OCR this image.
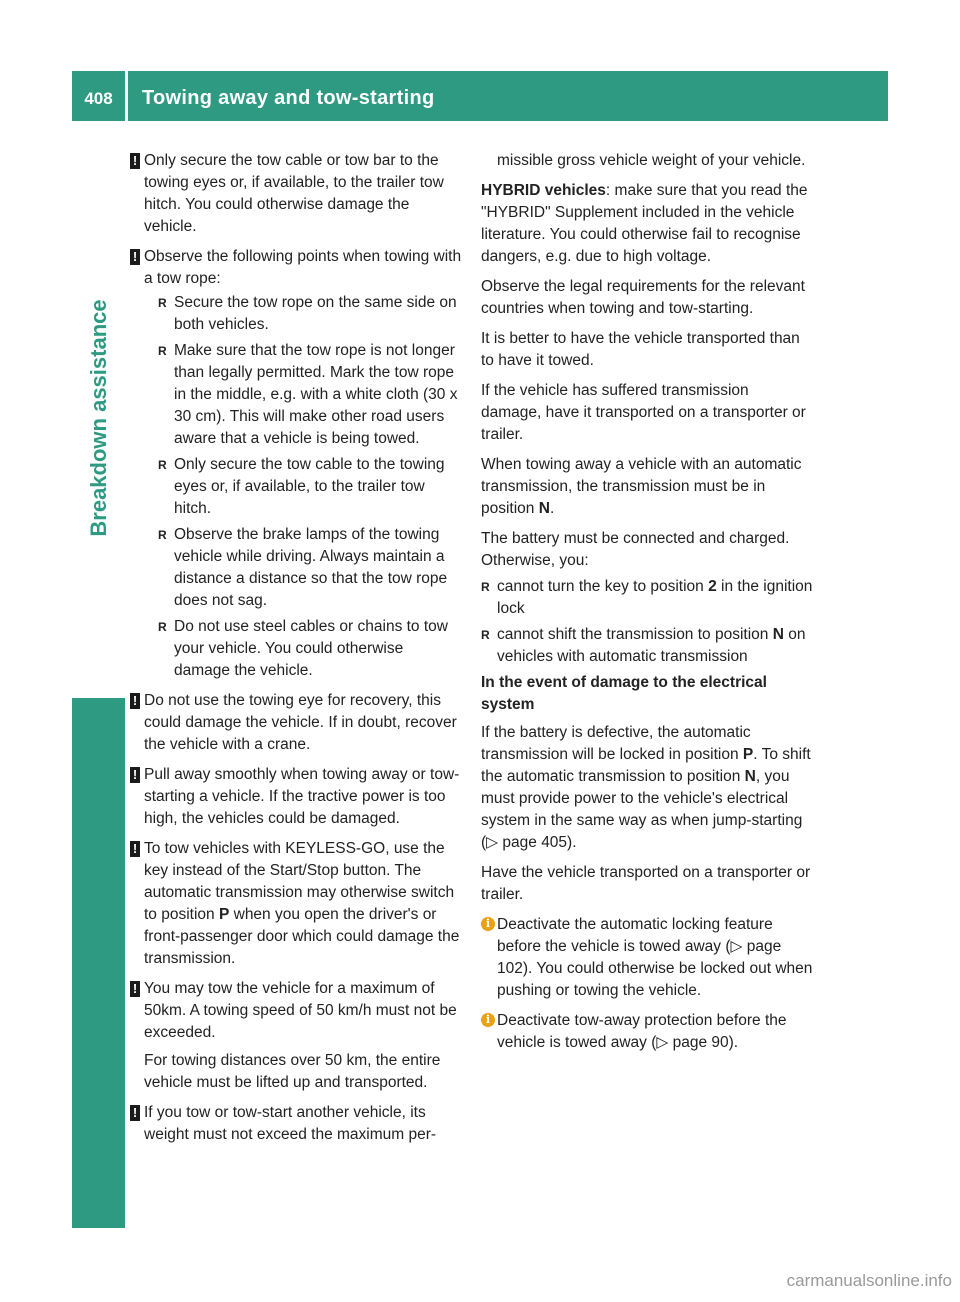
408	Towing away and tow-starting
Breakdown assistance
! Only secure the tow cable or tow bar to the towing eyes or, if available, to the trailer tow hitch. You could otherwise damage the vehicle.
! Observe the following points when towing with a tow rope:
R Secure the tow rope on the same side on both vehicles.
R Make sure that the tow rope is not longer than legally permitted. Mark the tow rope in the middle, e.g. with a white cloth (30 x 30 cm). This will make other road users aware that a vehicle is being towed.
R Only secure the tow cable to the towing eyes or, if available, to the trailer tow hitch.
R Observe the brake lamps of the towing vehicle while driving. Always maintain a distance a distance so that the tow rope does not sag.
R Do not use steel cables or chains to tow your vehicle. You could otherwise damage the vehicle.
! Do not use the towing eye for recovery, this could damage the vehicle. If in doubt, recover the vehicle with a crane.
! Pull away smoothly when towing away or tow-starting a vehicle. If the tractive power is too high, the vehicles could be damaged.
! To tow vehicles with KEYLESS-GO, use the key instead of the Start/Stop button. The automatic transmission may otherwise switch to position P when you open the driver's or front-passenger door which could damage the transmission.
! You may tow the vehicle for a maximum of 50km. A towing speed of 50 km/h must not be exceeded.

For towing distances over 50 km, the entire vehicle must be lifted up and transported.

! If you tow or tow-start another vehicle, its weight must not exceed the maximum per-

missible gross vehicle weight of your vehicle.

HYBRID vehicles: make sure that you read the "HYBRID" Supplement included in the vehicle literature. You could otherwise fail to recognise dangers, e.g. due to high voltage.

Observe the legal requirements for the relevant countries when towing and tow-starting.

It is better to have the vehicle transported than to have it towed.

If the vehicle has suffered transmission damage, have it transported on a transporter or trailer.

When towing away a vehicle with an automatic transmission, the transmission must be in position N.

The battery must be connected and charged. Otherwise, you:

R cannot turn the key to position 2 in the ignition lock
R cannot shift the transmission to position N on vehicles with automatic transmission
In the event of damage to the electrical system

If the battery is defective, the automatic transmission will be locked in position P. To shift the automatic transmission to position N, you must provide power to the vehicle's electrical system in the same way as when jump-starting (▷ page 405).

Have the vehicle transported on a transporter or trailer.

i Deactivate the automatic locking feature before the vehicle is towed away (▷ page 102). You could otherwise be locked out when pushing or towing the vehicle.
i Deactivate tow-away protection before the vehicle is towed away (▷ page 90).
carmanualsonline.info
